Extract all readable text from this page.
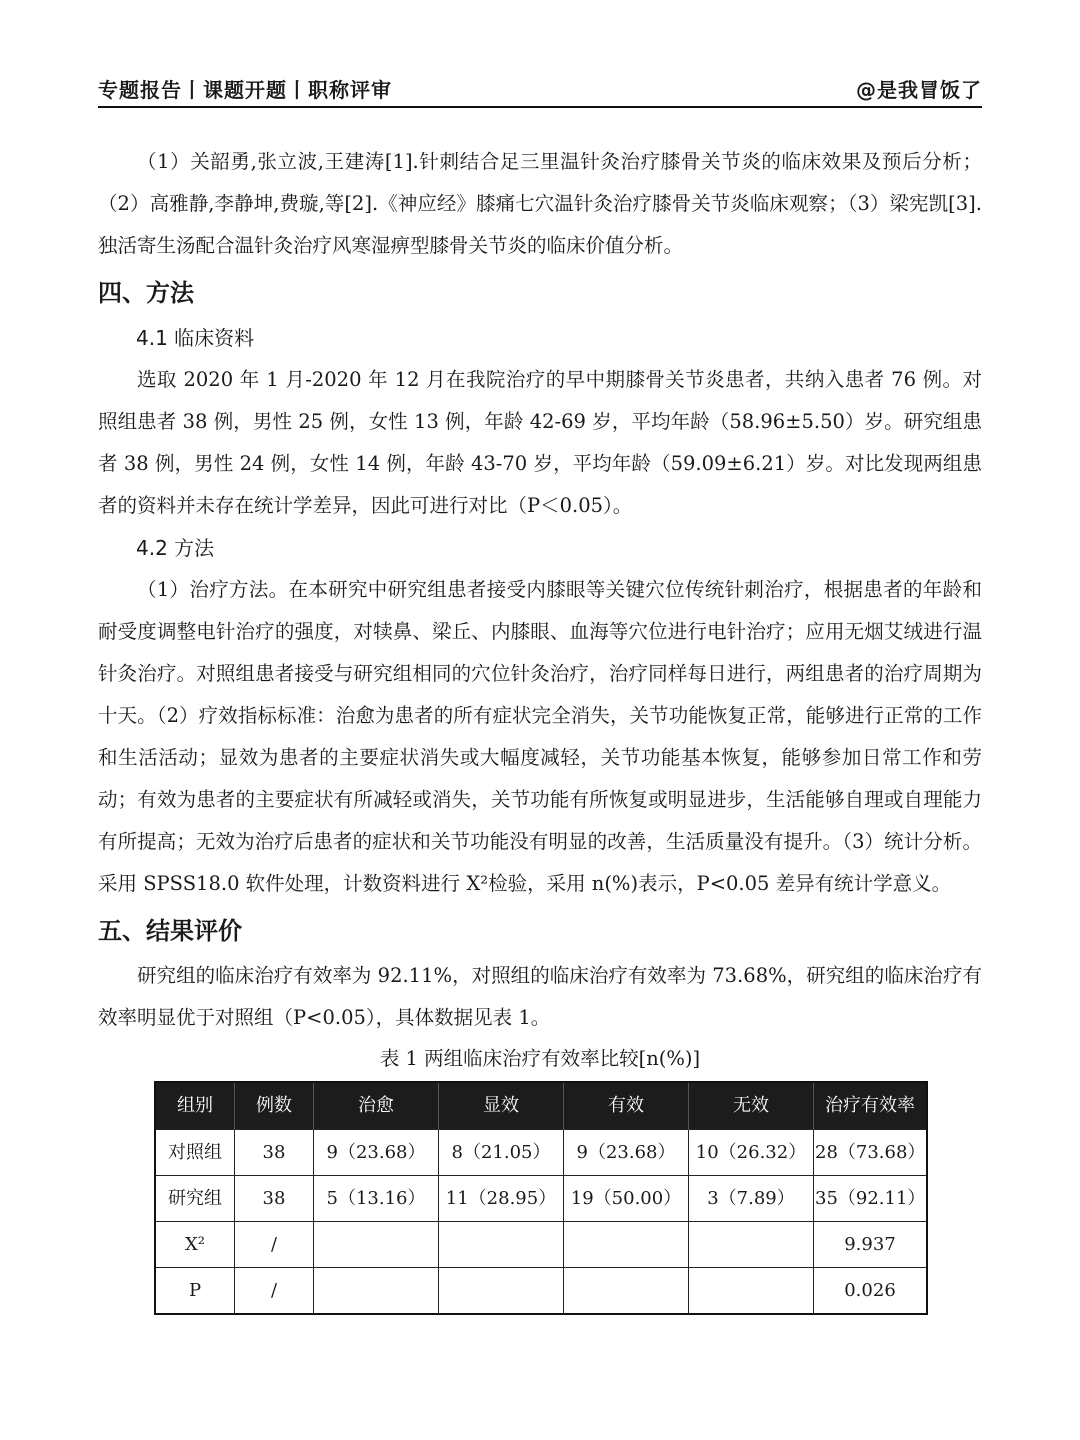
专题报告丨课题开题丨职称评审	@是我冒饭了

（1）关韶勇,张立波,王建涛[1].针刺结合足三里温针灸治疗膝骨关节炎的临床效果及预后分析；（2）高雅静,李静坤,费璇,等[2].《神应经》膝痛七穴温针灸治疗膝骨关节炎临床观察；（3）梁宪凯[3].独活寄生汤配合温针灸治疗风寒湿痹型膝骨关节炎的临床价值分析。

四、方法
4.1 临床资料

选取 2020 年 1 月-2020 年 12 月在我院治疗的早中期膝骨关节炎患者，共纳入患者 76 例。对照组患者 38 例，男性 25 例，女性 13 例，年龄 42-69 岁，平均年龄（58.96±5.50）岁。研究组患者 38 例，男性 24 例，女性 14 例，年龄 43-70 岁，平均年龄（59.09±6.21）岁。对比发现两组患者的资料并未存在统计学差异，因此可进行对比（P＜0.05）。

4.2 方法

（1）治疗方法。在本研究中研究组患者接受内膝眼等关键穴位传统针刺治疗，根据患者的年龄和耐受度调整电针治疗的强度，对犊鼻、梁丘、内膝眼、血海等穴位进行电针治疗；应用无烟艾绒进行温针灸治疗。对照组患者接受与研究组相同的穴位针灸治疗，治疗同样每日进行，两组患者的治疗周期为十天。（2）疗效指标标准：治愈为患者的所有症状完全消失，关节功能恢复正常，能够进行正常的工作和生活活动；显效为患者的主要症状消失或大幅度减轻，关节功能基本恢复，能够参加日常工作和劳动；有效为患者的主要症状有所减轻或消失，关节功能有所恢复或明显进步，生活能够自理或自理能力有所提高；无效为治疗后患者的症状和关节功能没有明显的改善，生活质量没有提升。（3）统计分析。采用 SPSS18.0 软件处理，计数资料进行 X²检验，采用 n(%)表示，P<0.05 差异有统计学意义。

五、结果评价

研究组的临床治疗有效率为 92.11%，对照组的临床治疗有效率为 73.68%，研究组的临床治疗有效率明显优于对照组（P<0.05），具体数据见表 1。

表 1 两组临床治疗有效率比较[n(%)]
组别	例数	治愈	显效	有效	无效	治疗有效率
对照组	38	9（23.68）	8（21.05）	9（23.68）	10（26.32）	28（73.68）
研究组	38	5（13.16）	11（28.95）	19（50.00）	3（7.89）	35（92.11）
X²	/					9.937
P	/					0.026
